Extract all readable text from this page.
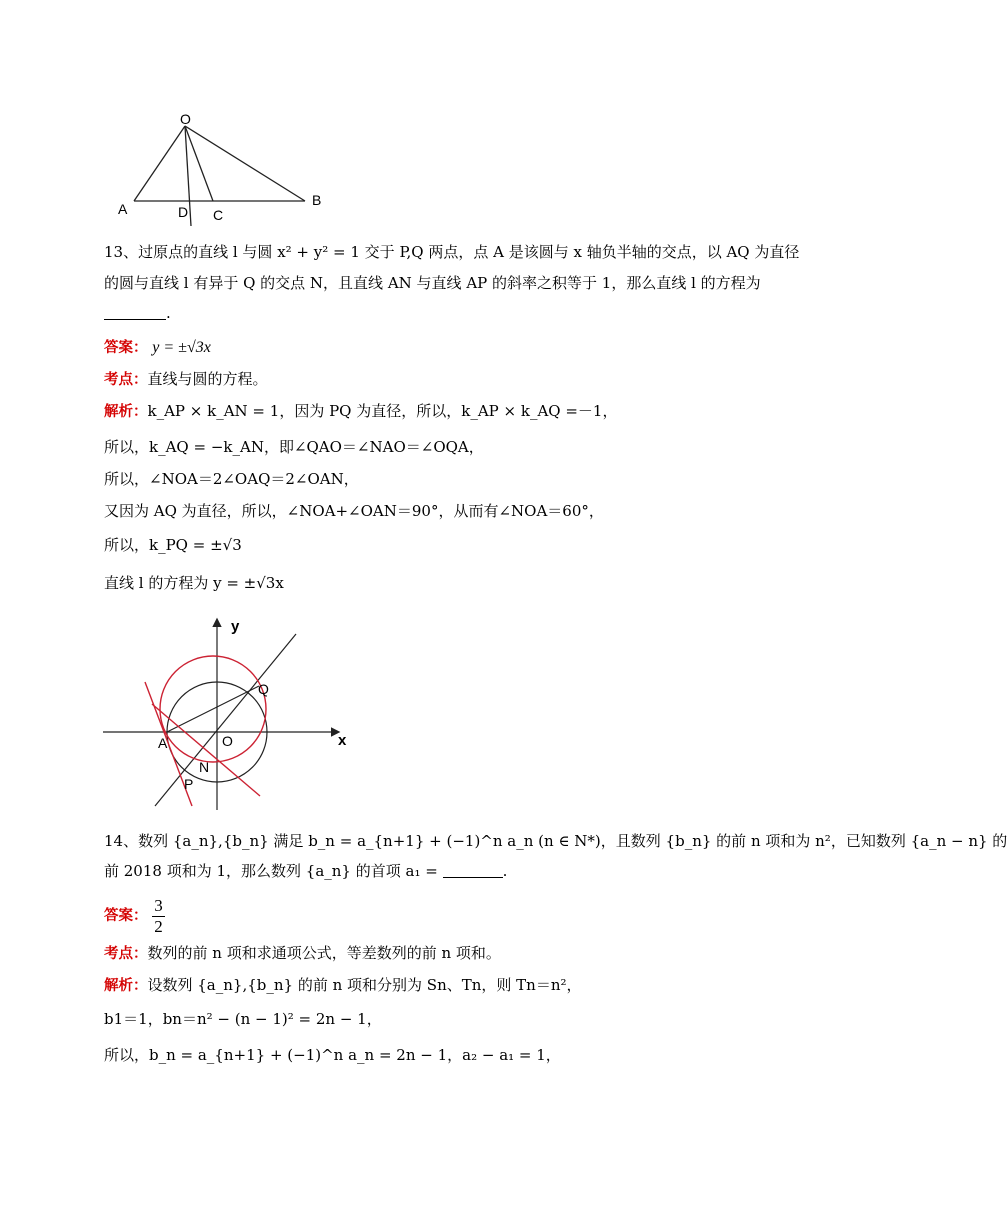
O
A
B
D C
13、过原点的直线 l 与圆 x² + y² = 1 交于 P,Q 两点，点 A 是该圆与 x 轴负半轴的交点，以 AQ 为直径
的圆与直线 l 有异于 Q 的交点 N，且直线 AN 与直线 AP 的斜率之积等于 1，那么直线 l 的方程为
.
答案： y = ±√3x
考点：直线与圆的方程。
解析：k_AP × k_AN = 1，因为 PQ 为直径，所以，k_AP × k_AQ =－1，
所以，k_AQ = −k_AN，即∠QAO＝∠NAO＝∠OQA，
所以，∠NOA＝2∠OAQ＝2∠OAN，
又因为 AQ 为直径，所以，∠NOA+∠OAN＝90°，从而有∠NOA＝60°，
所以，k_PQ = ±√3
直线 l 的方程为 y = ±√3x
y
x
Q
A	O
N
P
14、数列 {a_n},{b_n} 满足 b_n = a_{n+1} + (−1)^n a_n (n ∈ N*)，且数列 {b_n} 的前 n 项和为 n²，已知数列 {a_n − n} 的
前 2018 项和为 1，那么数列 {a_n} 的首项 a₁ =	.
答案： $\frac{3}{2}$
考点：数列的前 n 项和求通项公式，等差数列的前 n 项和。
解析：设数列 {a_n},{b_n} 的前 n 项和分别为 Sn、Tn，则 Tn＝n²，
b1＝1，bn＝n² − (n − 1)² = 2n − 1，
所以，b_n = a_{n+1} + (−1)^n a_n = 2n − 1，a₂ − a₁ = 1，
